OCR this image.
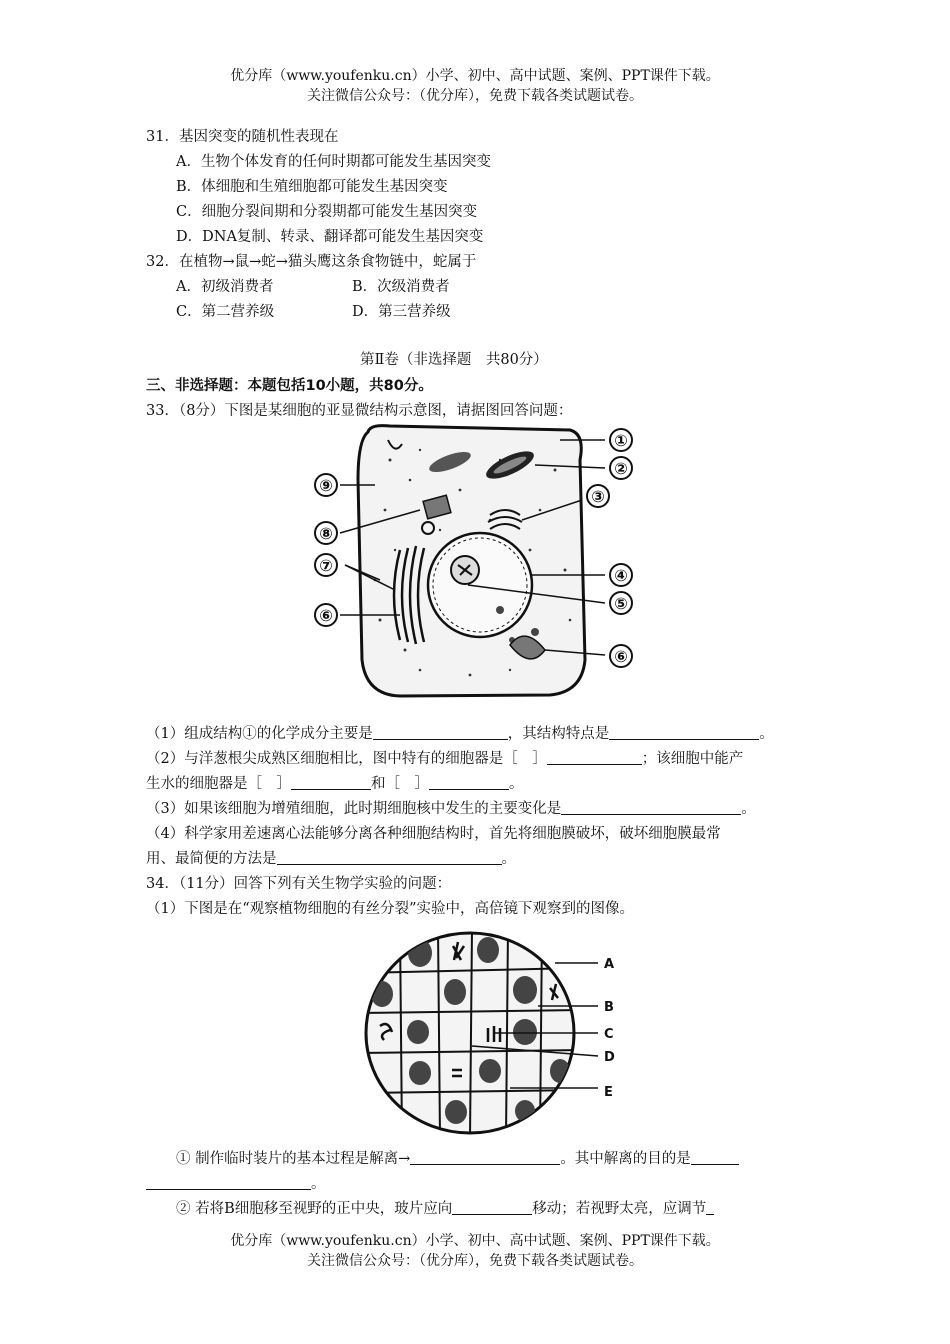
优分库（www.youfenku.cn）小学、初中、高中试题、案例、PPT课件下载。
关注微信公众号：（优分库），免费下载各类试题试卷。
31．基因突变的随机性表现在
A．生物个体发育的任何时期都可能发生基因突变
B．体细胞和生殖细胞都可能发生基因突变
C．细胞分裂间期和分裂期都可能发生基因突变
D．DNA复制、转录、翻译都可能发生基因突变
32．在植物→鼠→蛇→猫头鹰这条食物链中，蛇属于
A．初级消费者	B．次级消费者
C．第二营养级	D．第三营养级
第Ⅱ卷（非选择题　共80分）
三、非选择题：本题包括10小题，共80分。
33．（8分）下图是某细胞的亚显微结构示意图，请据图回答问题：
①
②
③
④
⑤
⑥
⑦
⑧
⑨
⑥
（1）组成结构①的化学成分主要是	，其结构特点是	。
（2）与洋葱根尖成熟区细胞相比，图中特有的细胞器是［　］	；该细胞中能产
生水的细胞器是［　］	和［　］	。
（3）如果该细胞为增殖细胞，此时期细胞核中发生的主要变化是	。
（4）科学家用差速离心法能够分离各种细胞结构时，首先将细胞膜破坏，破坏细胞膜最常
用、最简便的方法是	。
34．（11分）回答下列有关生物学实验的问题：
（1）下图是在“观察植物细胞的有丝分裂”实验中，高倍镜下观察到的图像。
A
B
C
D
E
① 制作临时装片的基本过程是解离→	。其中解离的目的是
。
② 若将B细胞移至视野的正中央，玻片应向	移动；若视野太亮，应调节
优分库（www.youfenku.cn）小学、初中、高中试题、案例、PPT课件下载。
关注微信公众号：（优分库），免费下载各类试题试卷。
